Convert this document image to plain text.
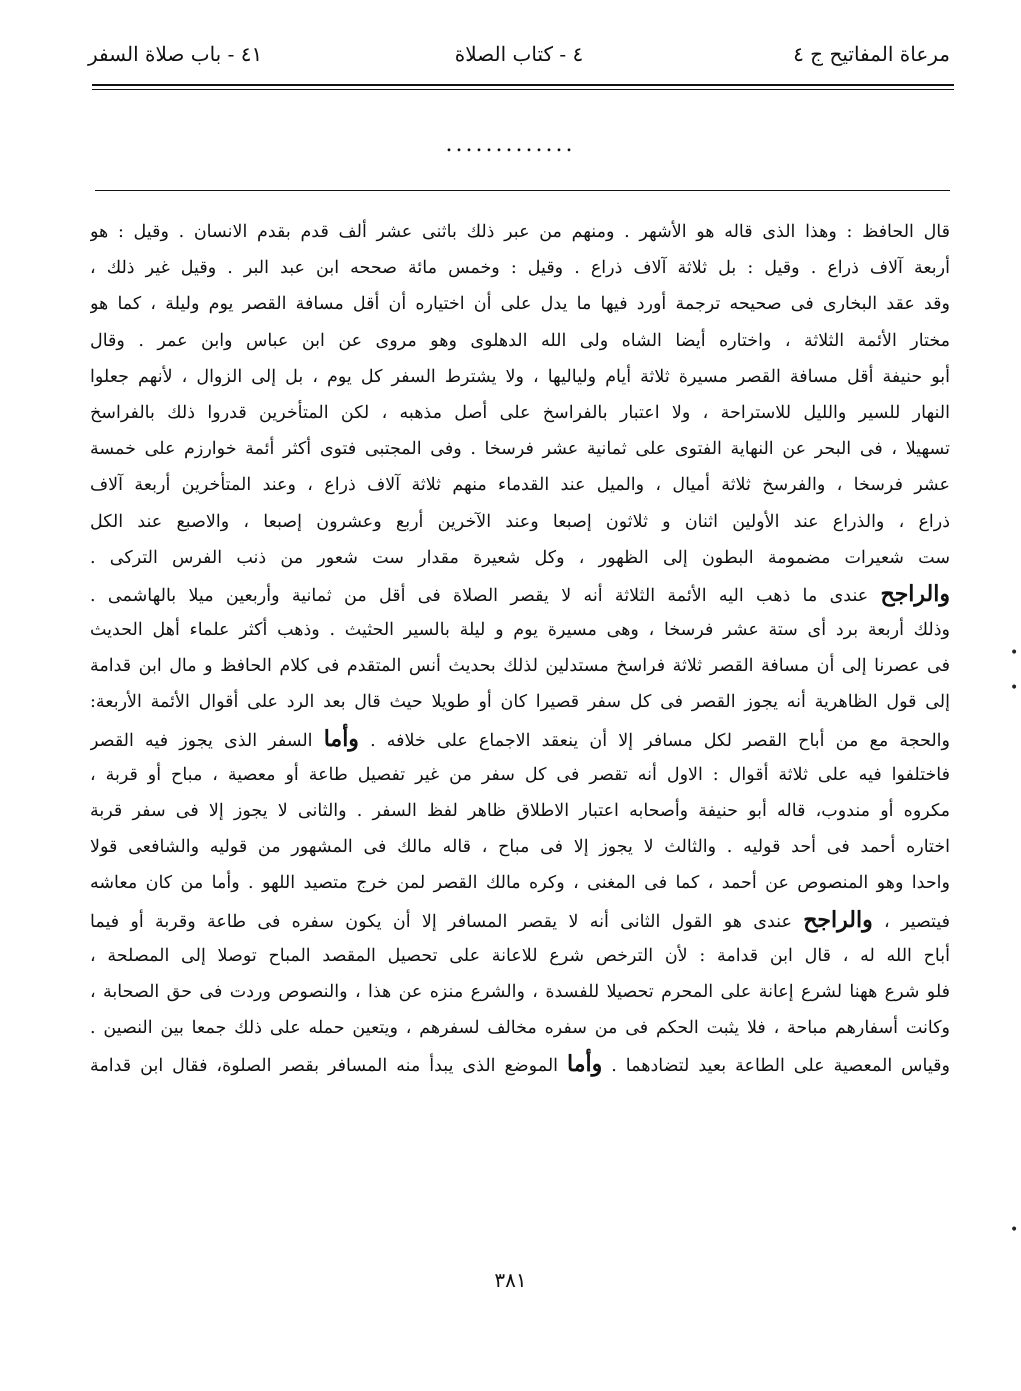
مرعاة المفاتيح ج ٤
٤ - كتاب الصلاة
٤١ - باب صلاة السفر
.............
قال الحافظ : وهذا الذى قاله هو الأشهر . ومنهم من عبر ذلك باثنى عشر ألف قدم بقدم الانسان . وقيل : هو
أربعة آلاف ذراع . وقيل : بل ثلاثة آلاف ذراع . وقيل : وخمس مائة صححه ابن عبد البر . وقيل غير ذلك ،
وقد عقد البخارى فى صحيحه ترجمة أورد فيها ما يدل على أن اختياره أن أقل مسافة القصر يوم وليلة ، كما هو
مختار الأئمة الثلاثة ، واختاره أيضا الشاه ولى الله الدهلوى وهو مروى عن ابن عباس وابن عمر . وقال
أبو حنيفة أقل مسافة القصر مسيرة ثلاثة أيام ولياليها ، ولا يشترط السفر كل يوم ، بل إلى الزوال ، لأنهم جعلوا
النهار للسير والليل للاستراحة ، ولا اعتبار بالفراسخ على أصل مذهبه ، لكن المتأخرين قدروا ذلك بالفراسخ
تسهيلا ، فى البحر عن النهاية الفتوى على ثمانية عشر فرسخا . وفى المجتبى فتوى أكثر أئمة خوارزم على خمسة
عشر فرسخا ، والفرسخ ثلاثة أميال ، والميل عند القدماء منهم ثلاثة آلاف ذراع ، وعند المتأخرين أربعة آلاف
ذراع ، والذراع عند الأولين اثنان و ثلاثون إصبعا وعند الآخرين أربع وعشرون إصبعا ، والاصبع عند الكل
ست شعيرات مضمومة البطون إلى الظهور ، وكل شعيرة مقدار ست شعور من ذنب الفرس التركى .
والراجح عندى ما ذهب اليه الأئمة الثلاثة أنه لا يقصر الصلاة فى أقل من ثمانية وأربعين ميلا بالهاشمى .
وذلك أربعة برد أى ستة عشر فرسخا ، وهى مسيرة يوم و ليلة بالسير الحثيث . وذهب أكثر علماء أهل الحديث
فى عصرنا إلى أن مسافة القصر ثلاثة فراسخ مستدلين لذلك بحديث أنس المتقدم فى كلام الحافظ و مال ابن قدامة
إلى قول الظاهرية أنه يجوز القصر فى كل سفر قصيرا كان أو طويلا حيث قال بعد الرد على أقوال الأئمة الأربعة:
والحجة مع من أباح القصر لكل مسافر إلا أن ينعقد الاجماع على خلافه . وأما السفر الذى يجوز فيه القصر
فاختلفوا فيه على ثلاثة أقوال : الاول أنه تقصر فى كل سفر من غير تفصيل طاعة أو معصية ، مباح أو قربة ،
مكروه أو مندوب، قاله أبو حنيفة وأصحابه اعتبار الاطلاق ظاهر لفظ السفر . والثانى لا يجوز إلا فى سفر قربة
اختاره أحمد فى أحد قوليه . والثالث لا يجوز إلا فى مباح ، قاله مالك فى المشهور من قوليه والشافعى قولا
واحدا وهو المنصوص عن أحمد ، كما فى المغنى ، وكره مالك القصر لمن خرج متصيد اللهو . وأما من كان معاشه
فيتصير ، والراجح عندى هو القول الثانى أنه لا يقصر المسافر إلا أن يكون سفره فى طاعة وقربة أو فيما
أباح الله له ، قال ابن قدامة : لأن الترخص شرع للاعانة على تحصيل المقصد المباح توصلا إلى المصلحة ،
فلو شرع ههنا لشرع إعانة على المحرم تحصيلا للفسدة ، والشرع منزه عن هذا ، والنصوص وردت فى حق الصحابة ،
وكانت أسفارهم مباحة ، فلا يثبت الحكم فى من سفره مخالف لسفرهم ، ويتعين حمله على ذلك جمعا بين النصين .
وقياس المعصية على الطاعة بعيد لتضادهما . وأما الموضع الذى يبدأ منه المسافر بقصر الصلوة، فقال ابن قدامة
٣٨١
•
•
•
